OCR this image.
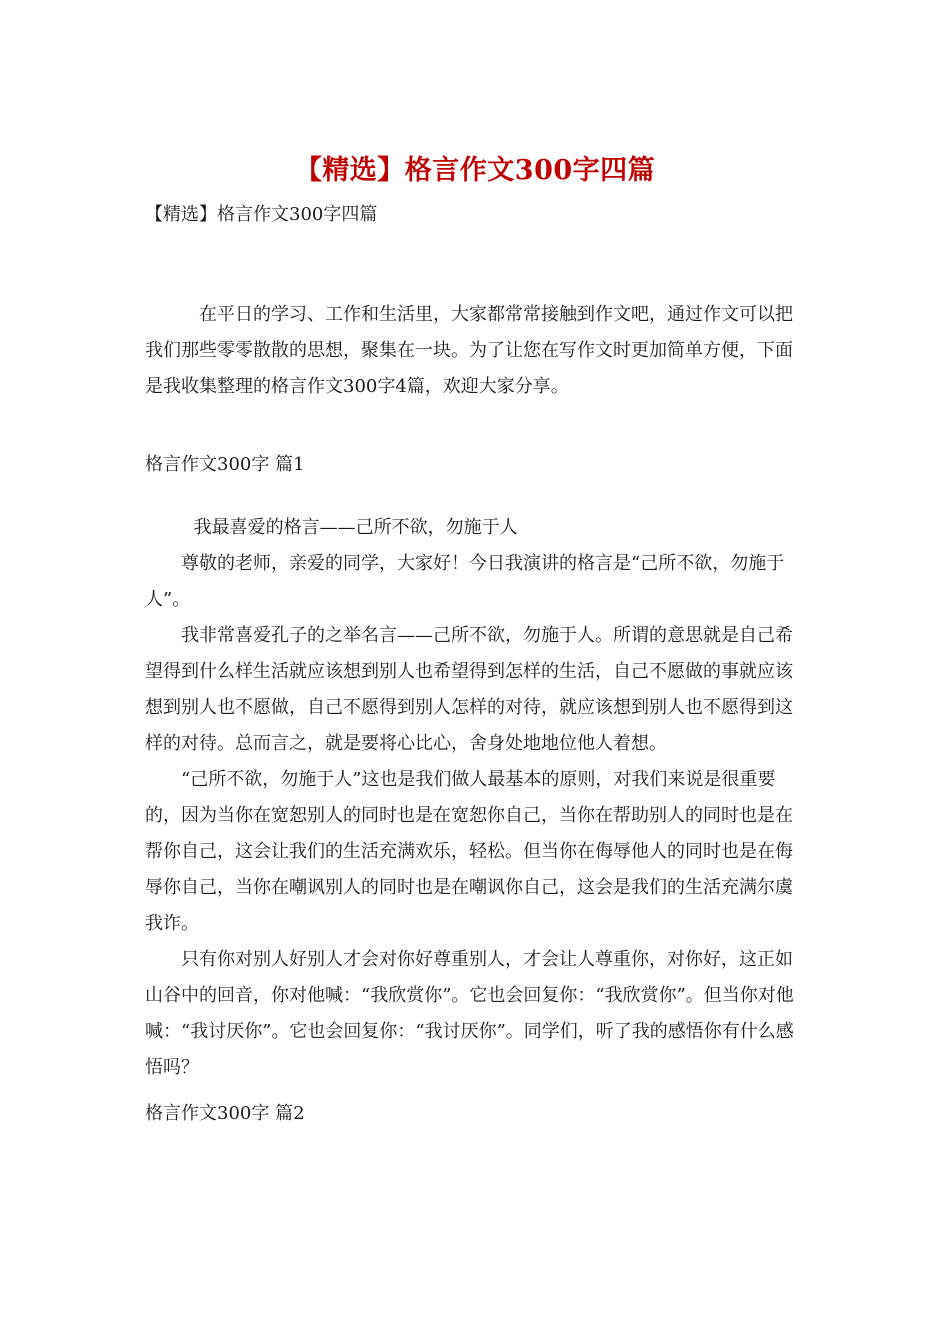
【精选】格言作文300字四篇
【精选】格言作文300字四篇

在平日的学习、工作和生活里，大家都常常接触到作文吧，通过作文可以把我们那些零零散散的思想，聚集在一块。为了让您在写作文时更加简单方便，下面是我收集整理的格言作文300字4篇，欢迎大家分享。

格言作文300字 篇1

我最喜爱的格言——己所不欲，勿施于人

尊敬的老师，亲爱的同学，大家好！今日我演讲的格言是“己所不欲，勿施于人”。

我非常喜爱孔子的之举名言——己所不欲，勿施于人。所谓的意思就是自己希望得到什么样生活就应该想到别人也希望得到怎样的生活，自己不愿做的事就应该想到别人也不愿做，自己不愿得到别人怎样的对待，就应该想到别人也不愿得到这样的对待。总而言之，就是要将心比心，舍身处地地位他人着想。

“己所不欲，勿施于人”这也是我们做人最基本的原则，对我们来说是很重要的，因为当你在宽恕别人的同时也是在宽恕你自己，当你在帮助别人的同时也是在帮你自己，这会让我们的生活充满欢乐，轻松。但当你在侮辱他人的同时也是在侮辱你自己，当你在嘲讽别人的同时也是在嘲讽你自己，这会是我们的生活充满尔虞我诈。

只有你对别人好别人才会对你好尊重别人，才会让人尊重你，对你好，这正如山谷中的回音，你对他喊：“我欣赏你”。它也会回复你：“我欣赏你”。但当你对他喊：“我讨厌你”。它也会回复你：“我讨厌你”。同学们，听了我的感悟你有什么感悟吗？

格言作文300字 篇2
